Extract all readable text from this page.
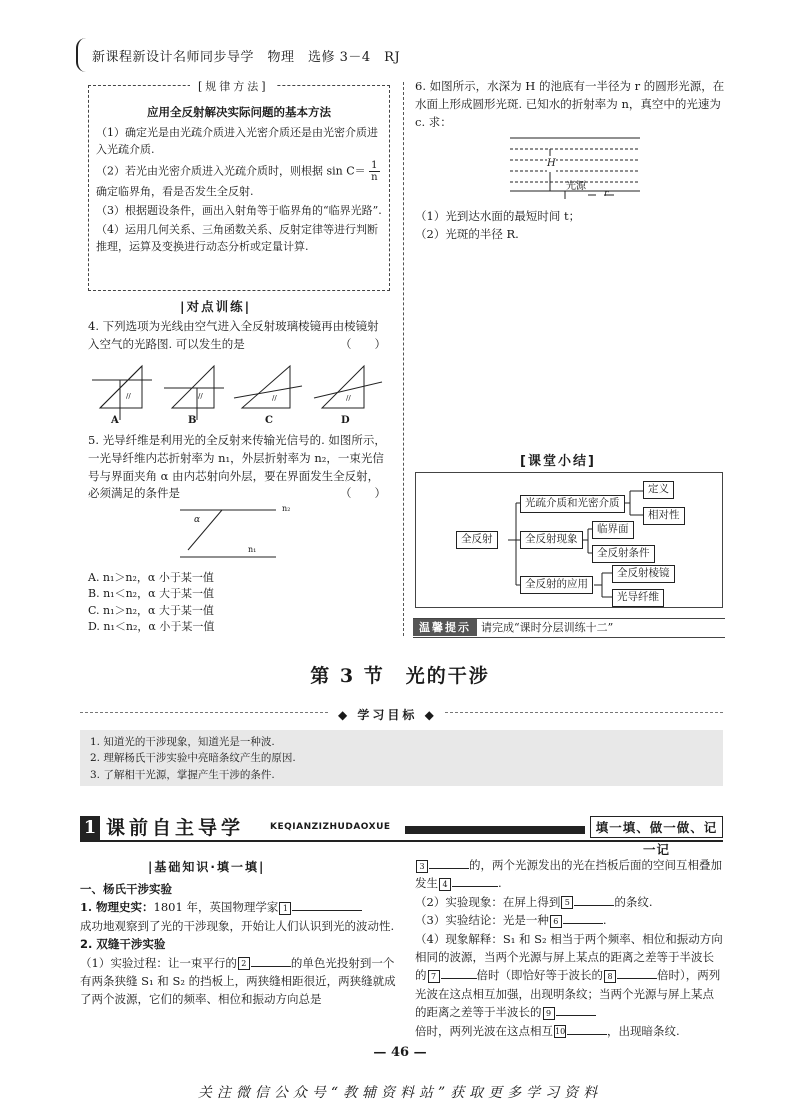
新课程新设计名师同步导学　物理　选修 3－4　RJ
应用全反射解决实际问题的基本方法

（1）确定光是由光疏介质进入光密介质还是由光密介质进入光疏介质.

（2）若光由光密介质进入光疏介质时，则根据 $\sin C= \frac{1}{n}$
确定临界角，看是否发生全反射.

（3）根据题设条件，画出入射角等于临界角的“临界光路”.

（4）运用几何关系、三角函数关系、反射定律等进行判断推理，运算及变换进行动态分析或定量计算.

[规律方法]
|对点训练|

4. 下列选项为光线由空气进入全反射玻璃棱镜再由棱镜射入空气的光路图. 可以发生的是	（　　）

//	//	//	//
A	B	C	D

5. 光导纤维是利用光的全反射来传输光信号的. 如图所示，一光导纤维内芯折射率为 n₁，外层折射率为 n₂，一束光信号与界面夹角 α 由内芯射向外层，要在界面发生全反射，必须满足的条件是	（　　）

n₂
n₁
α

A. n₁＞n₂，α 小于某一值

B. n₁＜n₂，α 大于某一值

C. n₁＞n₂，α 大于某一值

D. n₁＜n₂，α 小于某一值

6. 如图所示，水深为 H 的池底有一半径为 r 的圆形光源，在水面上形成圆形光斑. 已知水的折射率为 n，真空中的光速为 c. 求：

H
光源
r
（1）光到达水面的最短时间 t；
（2）光斑的半径 R.
[课堂小结]
全反射
光疏介质和光密介质
定义
相对性
全反射现象
临界面
全反射条件
全反射的应用
全反射棱镜
光导纤维
温馨提示 请完成“课时分层训练十二”
第 3 节　光的干涉
◆ 学习目标 ◆

1. 知道光的干涉现象，知道光是一种波.

2. 理解杨氏干涉实验中亮暗条纹产生的原因.

3. 了解相干光源，掌握产生干涉的条件.

1 课前自主导学	KEQIANZIZHUDAOXUE	填一填、做一做、记一记
|基础知识·填一填|
一、杨氏干涉实验
1. 物理史实：1801 年，英国物理学家 1
成功地观察到了光的干涉现象，开始让人们认识到光的波动性.
2. 双缝干涉实验
（1）实验过程：让一束平行的 2	的单色光投射到一个有两条狭缝 S₁ 和 S₂ 的挡板上，两狭缝相距很近，两狭缝就成了两个波源，它们的频率、相位和振动方向总是
3	的，两个光源发出的光在挡板后面的空间互相叠加发生 4	.
（2）实验现象：在屏上得到 5	的条纹.
（3）实验结论：光是一种 6	.
（4）现象解释：S₁ 和 S₂ 相当于两个频率、相位和振动方向相同的波源，当两个光源与屏上某点的距离之差等于半波长的 7	倍时（即恰好等于波长的 8	倍时），两列光波在这点相互加强，出现明条纹；当两个光源与屏上某点的距离之差等于半波长的 9
倍时，两列光波在这点相互 10	，出现暗条纹.
— 46 —
关注微信公众号“教辅资料站”获取更多学习资料
